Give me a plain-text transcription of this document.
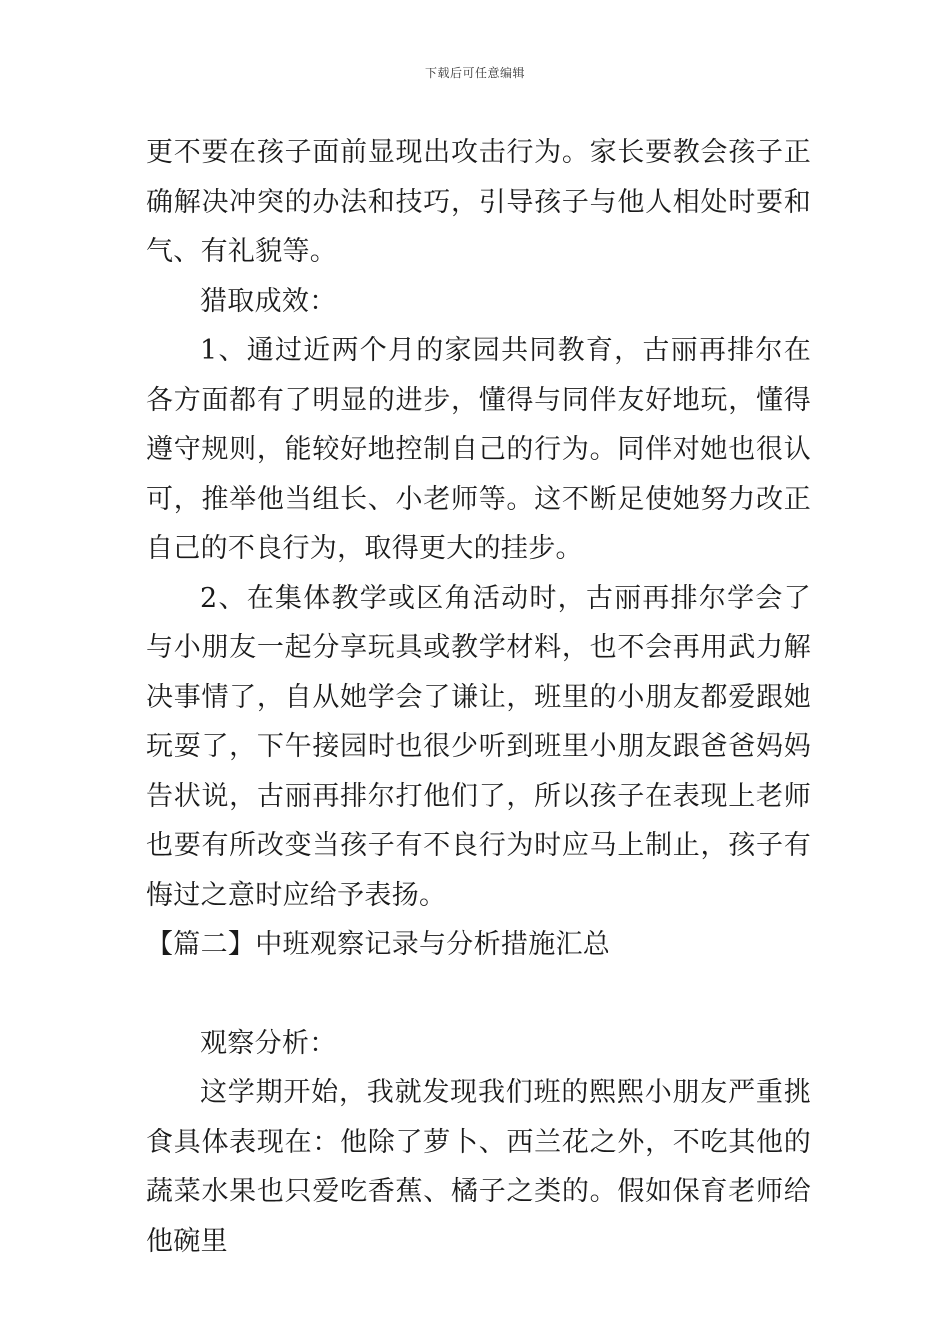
下载后可任意编辑

更不要在孩子面前显现出攻击行为。家长要教会孩子正确解决冲突的办法和技巧，引导孩子与他人相处时要和气、有礼貌等。

猎取成效：

1、通过近两个月的家园共同教育，古丽再排尔在各方面都有了明显的进步，懂得与同伴友好地玩，懂得遵守规则，能较好地控制自己的行为。同伴对她也很认可，推举他当组长、小老师等。这不断足使她努力改正自己的不良行为，取得更大的挂步。

2、在集体教学或区角活动时，古丽再排尔学会了与小朋友一起分享玩具或教学材料，也不会再用武力解决事情了，自从她学会了谦让，班里的小朋友都爱跟她玩耍了，下午接园时也很少听到班里小朋友跟爸爸妈妈告状说，古丽再排尔打他们了，所以孩子在表现上老师也要有所改变当孩子有不良行为时应马上制止，孩子有悔过之意时应给予表扬。

【篇二】中班观察记录与分析措施汇总

观察分析：

这学期开始，我就发现我们班的熙熙小朋友严重挑食具体表现在：他除了萝卜、西兰花之外，不吃其他的蔬菜水果也只爱吃香蕉、橘子之类的。假如保育老师给他碗里
